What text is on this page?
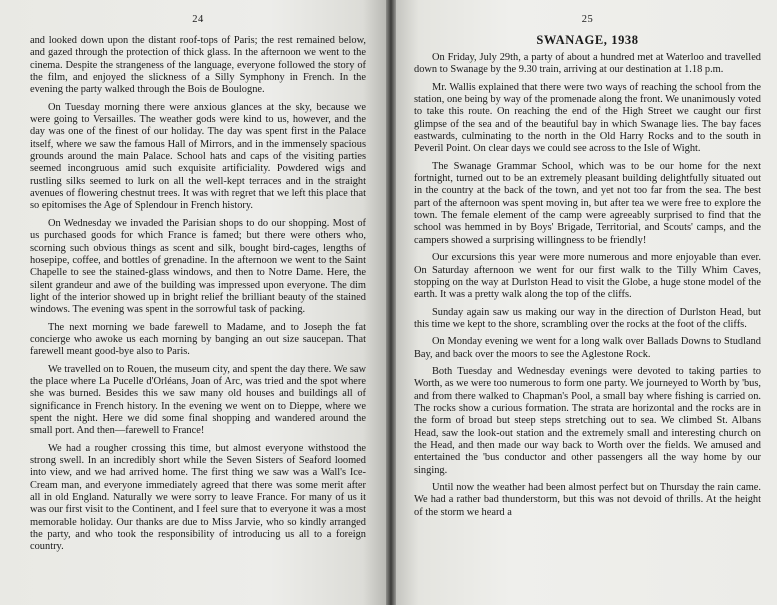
24

and looked down upon the distant roof-tops of Paris; the rest remained below, and gazed through the protection of thick glass. In the afternoon we went to the cinema. Despite the strangeness of the language, everyone followed the story of the film, and enjoyed the slickness of a Silly Symphony in French. In the evening the party walked through the Bois de Boulogne.

On Tuesday morning there were anxious glances at the sky, because we were going to Versailles. The weather gods were kind to us, however, and the day was one of the finest of our holiday. The day was spent first in the Palace itself, where we saw the famous Hall of Mirrors, and in the immensely spacious grounds around the main Palace. School hats and caps of the visiting parties seemed incongruous amid such exquisite artificiality. Powdered wigs and rustling silks seemed to lurk on all the well-kept terraces and in the straight avenues of flowering chestnut trees. It was with regret that we left this place that so epitomises the Age of Splendour in French history.

On Wednesday we invaded the Parisian shops to do our shopping. Most of us purchased goods for which France is famed; but there were others who, scorning such obvious things as scent and silk, bought bird-cages, lengths of hosepipe, coffee, and bottles of grenadine. In the afternoon we went to the Saint Chapelle to see the stained-glass windows, and then to Notre Dame. Here, the silent grandeur and awe of the building was impressed upon everyone. The dim light of the interior showed up in bright relief the brilliant beauty of the stained windows. The evening was spent in the sorrowful task of packing.

The next morning we bade farewell to Madame, and to Joseph the fat concierge who awoke us each morning by banging an out size saucepan. That farewell meant good-bye also to Paris.

We travelled on to Rouen, the museum city, and spent the day there. We saw the place where La Pucelle d'Orléans, Joan of Arc, was tried and the spot where she was burned. Besides this we saw many old houses and buildings all of significance in French history. In the evening we went on to Dieppe, where we spent the night. Here we did some final shopping and wandered around the small port. And then—farewell to France!

We had a rougher crossing this time, but almost everyone withstood the strong swell. In an incredibly short while the Seven Sisters of Seaford loomed into view, and we had arrived home. The first thing we saw was a Wall's Ice-Cream man, and everyone immediately agreed that there was some merit after all in old England. Naturally we were sorry to leave France. For many of us it was our first visit to the Continent, and I feel sure that to everyone it was a most memorable holiday. Our thanks are due to Miss Jarvie, who so kindly arranged the party, and who took the responsibility of introducing us all to a foreign country.

25
SWANAGE, 1938

On Friday, July 29th, a party of about a hundred met at Waterloo and travelled down to Swanage by the 9.30 train, arriving at our destination at 1.18 p.m.

Mr. Wallis explained that there were two ways of reaching the school from the station, one being by way of the promenade along the front. We unanimously voted to take this route. On reaching the end of the High Street we caught our first glimpse of the sea and of the beautiful bay in which Swanage lies. The bay faces eastwards, culminating to the north in the Old Harry Rocks and to the south in Peveril Point. On clear days we could see across to the Isle of Wight.

The Swanage Grammar School, which was to be our home for the next fortnight, turned out to be an extremely pleasant building delightfully situated out in the country at the back of the town, and yet not too far from the sea. The best part of the afternoon was spent moving in, but after tea we were free to explore the town. The female element of the camp were agreeably surprised to find that the school was hemmed in by Boys' Brigade, Territorial, and Scouts' camps, and the campers showed a surprising willingness to be friendly!

Our excursions this year were more numerous and more enjoyable than ever. On Saturday afternoon we went for our first walk to the Tilly Whim Caves, stopping on the way at Durlston Head to visit the Globe, a huge stone model of the earth. It was a pretty walk along the top of the cliffs.

Sunday again saw us making our way in the direction of Durlston Head, but this time we kept to the shore, scrambling over the rocks at the foot of the cliffs.

On Monday evening we went for a long walk over Ballads Downs to Studland Bay, and back over the moors to see the Aglestone Rock.

Both Tuesday and Wednesday evenings were devoted to taking parties to Worth, as we were too numerous to form one party. We journeyed to Worth by 'bus, and from there walked to Chapman's Pool, a small bay where fishing is carried on. The rocks show a curious formation. The strata are horizontal and the rocks are in the form of broad but steep steps stretching out to sea. We climbed St. Albans Head, saw the look-out station and the extremely small and interesting church on the Head, and then made our way back to Worth over the fields. We amused and entertained the 'bus conductor and other passengers all the way home by our singing.

Until now the weather had been almost perfect but on Thursday the rain came. We had a rather bad thunderstorm, but this was not devoid of thrills. At the height of the storm we heard a
